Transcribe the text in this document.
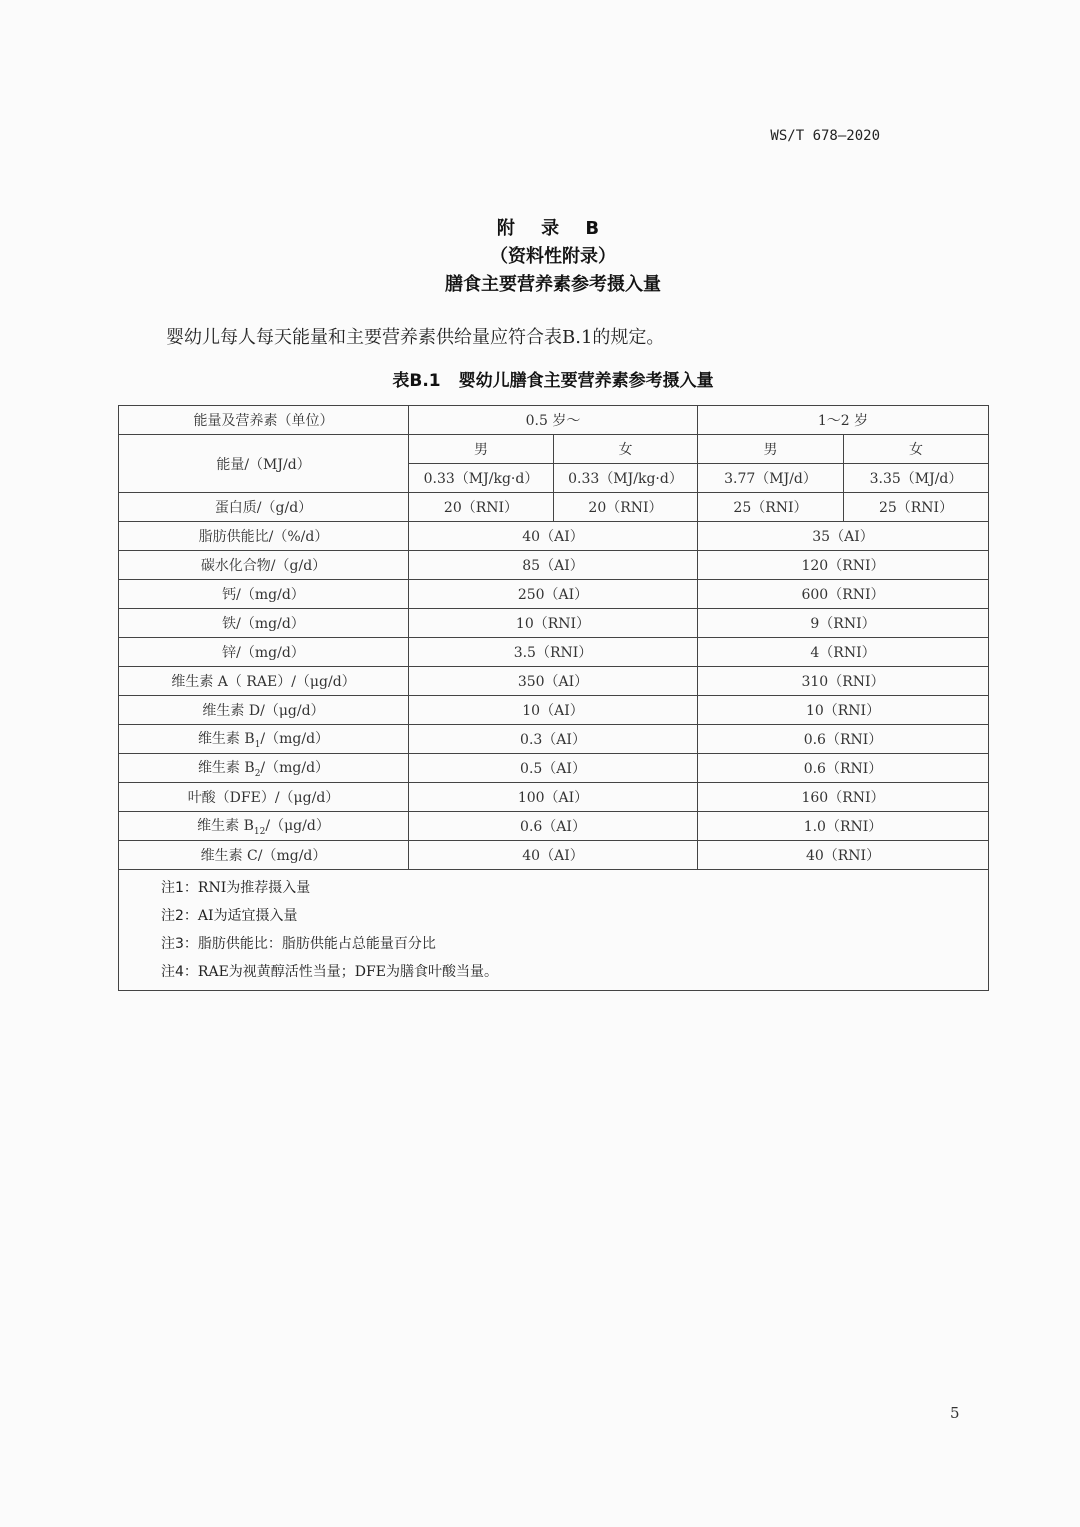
WS/T 678—2020
附 录 B
（资料性附录）
膳食主要营养素参考摄入量
婴幼儿每人每天能量和主要营养素供给量应符合表B.1的规定。
表B.1 婴幼儿膳食主要营养素参考摄入量
能量及营养素（单位）	0.5 岁～		1～2 岁	
能量/（MJ/d）	男	女	男	女
	0.33（MJ/kg·d）	0.33（MJ/kg·d）	3.77（MJ/d）	3.35（MJ/d）
蛋白质/（g/d）	20（RNI）	20（RNI）	25（RNI）	25（RNI）
脂肪供能比/（%/d）	40（AI）		35（AI）	
碳水化合物/（g/d）	85（AI）		120（RNI）	
钙/（mg/d）	250（AI）		600（RNI）	
铁/（mg/d）	10（RNI）		9（RNI）	
锌/（mg/d）	3.5（RNI）		4（RNI）	
维生素 A（ RAE）/（μg/d）	350（AI）		310（RNI）	
维生素 D/（μg/d）	10（AI）		10（RNI）	
维生素 $B_1/(mg/d)$	0.3（AI）		0.6（RNI）	
维生素 $B_2/(mg/d)$	0.5（AI）		0.6（RNI）	
叶酸（DFE）/（μg/d）	100（AI）		160（RNI）	
维生素 $B_{12}/(\mu g/d)$	0.6（AI）		1.0（RNI）	
维生素 C/（mg/d）	40（AI）		40（RNI）	

注1：RNI为推荐摄入量
注2：AI为适宜摄入量
注3：脂肪供能比：脂肪供能占总能量百分比
注4：RAE为视黄醇活性当量；DFE为膳食叶酸当量。				
5
